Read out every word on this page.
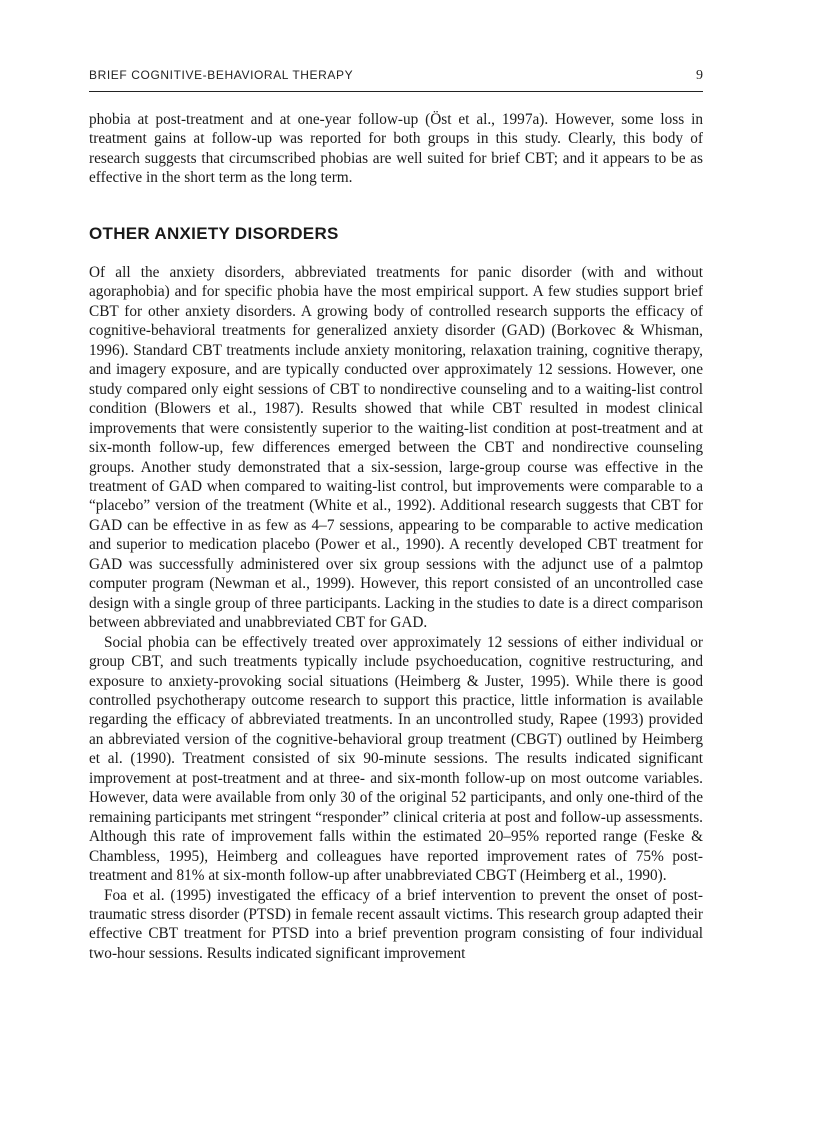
BRIEF COGNITIVE-BEHAVIORAL THERAPY	9

phobia at post-treatment and at one-year follow-up (Öst et al., 1997a). However, some loss in treatment gains at follow-up was reported for both groups in this study. Clearly, this body of research suggests that circumscribed phobias are well suited for brief CBT; and it appears to be as effective in the short term as the long term.

OTHER ANXIETY DISORDERS

Of all the anxiety disorders, abbreviated treatments for panic disorder (with and without agoraphobia) and for specific phobia have the most empirical support. A few studies support brief CBT for other anxiety disorders. A growing body of controlled research supports the efficacy of cognitive-behavioral treatments for generalized anxiety disorder (GAD) (Borkovec & Whisman, 1996). Standard CBT treatments include anxiety monitoring, relaxation training, cognitive therapy, and imagery exposure, and are typically conducted over approximately 12 sessions. However, one study compared only eight sessions of CBT to nondirective counseling and to a waiting-list control condition (Blowers et al., 1987). Results showed that while CBT resulted in modest clinical improvements that were consistently superior to the waiting-list condition at post-treatment and at six-month follow-up, few differences emerged between the CBT and nondirective counseling groups. Another study demonstrated that a six-session, large-group course was effective in the treatment of GAD when compared to waiting-list control, but improvements were comparable to a “placebo” version of the treatment (White et al., 1992). Additional research suggests that CBT for GAD can be effective in as few as 4–7 sessions, appearing to be comparable to active medication and superior to medication placebo (Power et al., 1990). A recently developed CBT treatment for GAD was successfully administered over six group sessions with the adjunct use of a palmtop computer program (Newman et al., 1999). However, this report consisted of an uncontrolled case design with a single group of three participants. Lacking in the studies to date is a direct comparison between abbreviated and unabbreviated CBT for GAD.

Social phobia can be effectively treated over approximately 12 sessions of either individual or group CBT, and such treatments typically include psychoeducation, cognitive restructuring, and exposure to anxiety-provoking social situations (Heimberg & Juster, 1995). While there is good controlled psychotherapy outcome research to support this practice, little information is available regarding the efficacy of abbreviated treatments. In an uncontrolled study, Rapee (1993) provided an abbreviated version of the cognitive-behavioral group treatment (CBGT) outlined by Heimberg et al. (1990). Treatment consisted of six 90-minute sessions. The results indicated significant improvement at post-treatment and at three- and six-month follow-up on most outcome variables. However, data were available from only 30 of the original 52 participants, and only one-third of the remaining participants met stringent “responder” clinical criteria at post and follow-up assessments. Although this rate of improvement falls within the estimated 20–95% reported range (Feske & Chambless, 1995), Heimberg and colleagues have reported improvement rates of 75% post-treatment and 81% at six-month follow-up after unabbreviated CBGT (Heimberg et al., 1990).

Foa et al. (1995) investigated the efficacy of a brief intervention to prevent the onset of post-traumatic stress disorder (PTSD) in female recent assault victims. This research group adapted their effective CBT treatment for PTSD into a brief prevention program consisting of four individual two-hour sessions. Results indicated significant improvement
